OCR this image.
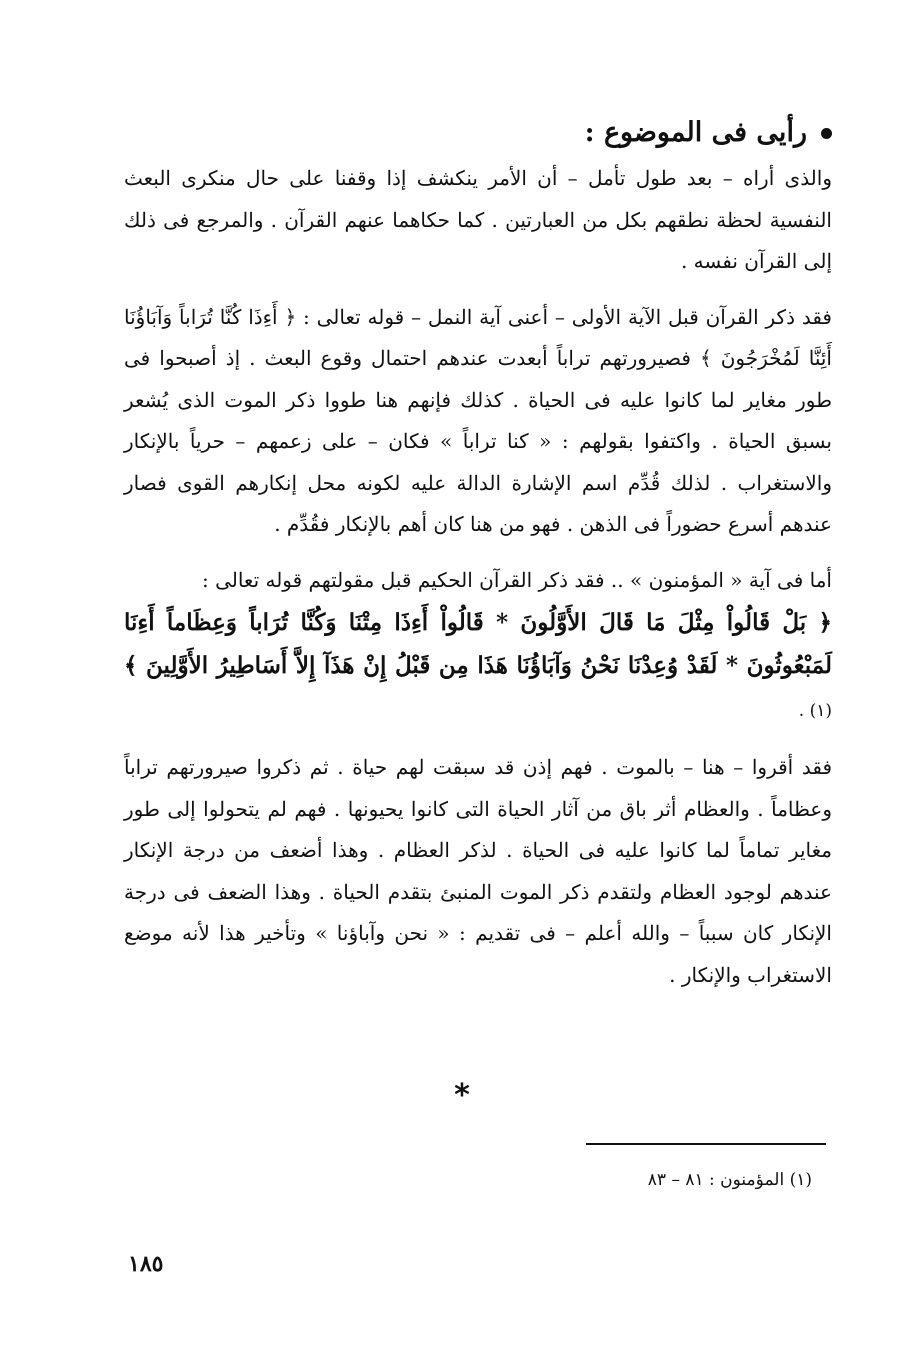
رأيى فى الموضوع :

والذى أراه – بعد طول تأمل – أن الأمر ينكشف إذا وقفنا على حال منكرى البعث النفسية لحظة نطقهم بكل من العبارتين . كما حكاهما عنهم القرآن . والمرجع فى ذلك إلى القرآن نفسه .

فقد ذكر القرآن قبل الآية الأولى – أعنى آية النمل – قوله تعالى : ﴿ أَءِذَا كُنَّا تُرَاباً وَآبَاؤُنَا أَئِنَّا لَمُخْرَجُونَ ﴾ فصيرورتهم تراباً أبعدت عندهم احتمال وقوع البعث . إذ أصبحوا فى طور مغاير لما كانوا عليه فى الحياة . كذلك فإنهم هنا طووا ذكر الموت الذى يُشعر بسبق الحياة . واكتفوا بقولهم : « كنا تراباً » فكان – على زعمهم – حرياً بالإنكار والاستغراب . لذلك قُدِّم اسم الإشارة الدالة عليه لكونه محل إنكارهم القوى فصار عندهم أسرع حضوراً فى الذهن . فهو من هنا كان أهم بالإنكار فقُدِّم .

أما فى آية « المؤمنون » .. فقد ذكر القرآن الحكيم قبل مقولتهم قوله تعالى :

﴿ بَلْ قَالُواْ مِثْلَ مَا قَالَ الأَوَّلُونَ * قَالُواْ أَءِذَا مِتْنَا وَكُنَّا تُرَاباً وَعِظَاماً أَءِنَا لَمَبْعُوثُونَ * لَقَدْ وُعِدْنَا نَحْنُ وَآبَاؤُنَا هَذَا مِن قَبْلُ إِنْ هَذَآ إِلاَّ أَسَاطِيرُ الأَوَّلِينَ ﴾ (١) .

فقد أقروا – هنا – بالموت . فهم إذن قد سبقت لهم حياة . ثم ذكروا صيرورتهم تراباً وعظاماً . والعظام أثر باق من آثار الحياة التى كانوا يحيونها . فهم لم يتحولوا إلى طور مغاير تماماً لما كانوا عليه فى الحياة . لذكر العظام . وهذا أضعف من درجة الإنكار عندهم لوجود العظام ولتقدم ذكر الموت المنبئ بتقدم الحياة . وهذا الضعف فى درجة الإنكار كان سبباً – والله أعلم – فى تقديم : « نحن وآباؤنا » وتأخير هذا لأنه موضع الاستغراب والإنكار .

*
(١) المؤمنون : ٨١ – ٨٣
١٨٥
